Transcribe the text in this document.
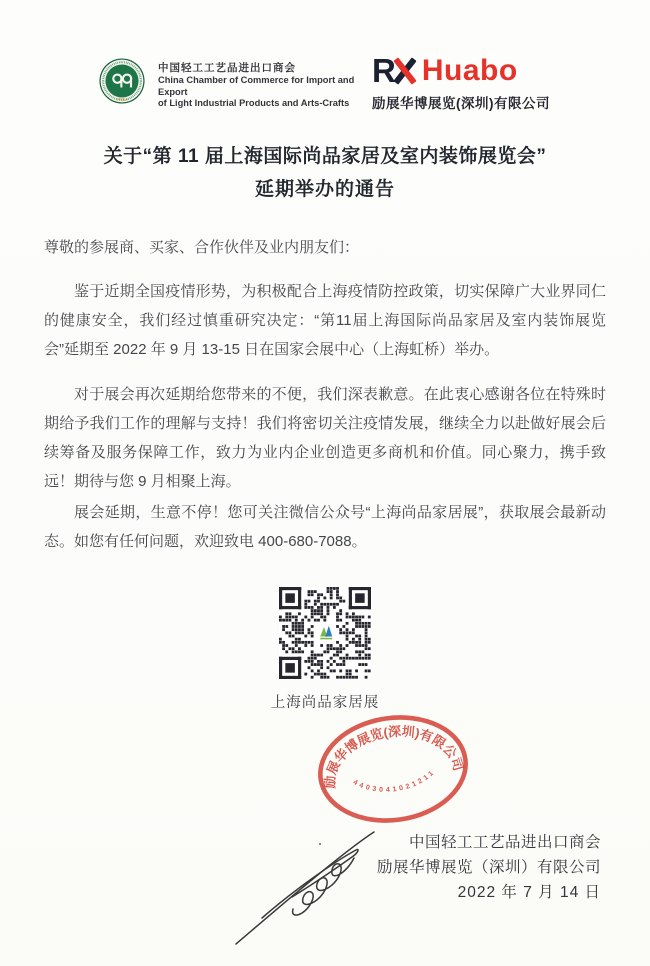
CCCLA
中国轻工工艺品进出口商会
China Chamber of Commerce for Import and Export
of Light Industrial Products and Arts-Crafts
R Huabo
励展华博展览(深圳)有限公司
关于“第 11 届上海国际尚品家居及室内装饰展览会”
延期举办的通告
尊敬的参展商、买家、合作伙伴及业内朋友们：
鉴于近期全国疫情形势，为积极配合上海疫情防控政策，切实保障广大业界同仁的健康安全，我们经过慎重研究决定：“第11届上海国际尚品家居及室内装饰展览会”延期至 2022 年 9 月 13-15 日在国家会展中心（上海虹桥）举办。
对于展会再次延期给您带来的不便，我们深表歉意。在此衷心感谢各位在特殊时期给予我们工作的理解与支持！我们将密切关注疫情发展，继续全力以赴做好展会后续筹备及服务保障工作，致力为业内企业创造更多商机和价值。同心聚力，携手致远！期待与您 9 月相聚上海。
展会延期，生意不停！您可关注微信公众号“上海尚品家居展”，获取展会最新动态。如您有任何问题，欢迎致电 400-680-7088。
上海尚品家居展
励展华博展览(深圳)有限公司
4403041021211
中国轻工工艺品进出口商会
励展华博展览（深圳）有限公司
2022 年 7 月 14 日
